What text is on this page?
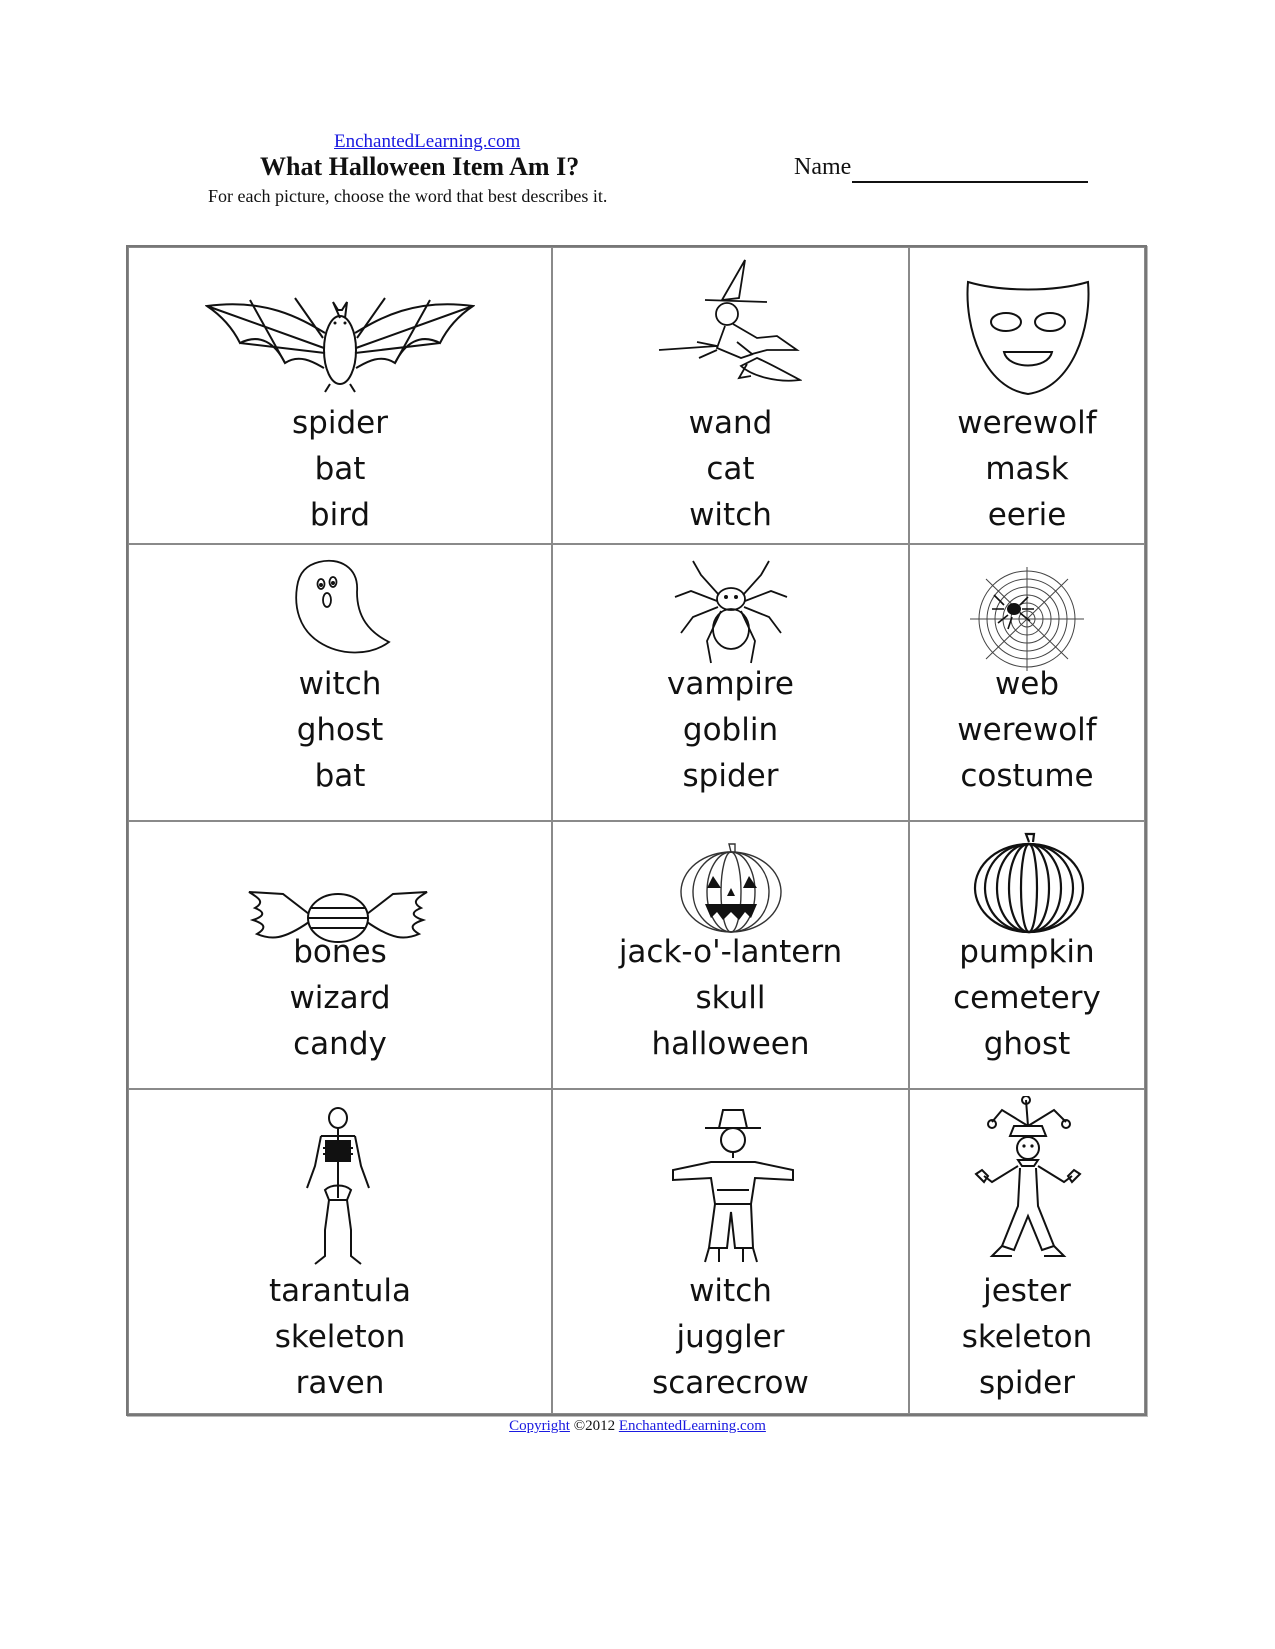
EnchantedLearning.com
What Halloween Item Am I?	Name
For each picture, choose the word that best describes it.
spider
bat
bird
wand
cat
witch
werewolf
mask
eerie
witch
ghost
bat
vampire
goblin
spider
web
werewolf
costume
bones
wizard
candy
jack-o'-lantern
skull
halloween
pumpkin
cemetery
ghost
tarantula
skeleton
raven
witch
juggler
scarecrow
jester
skeleton
spider
Copyright ©2012 EnchantedLearning.com
